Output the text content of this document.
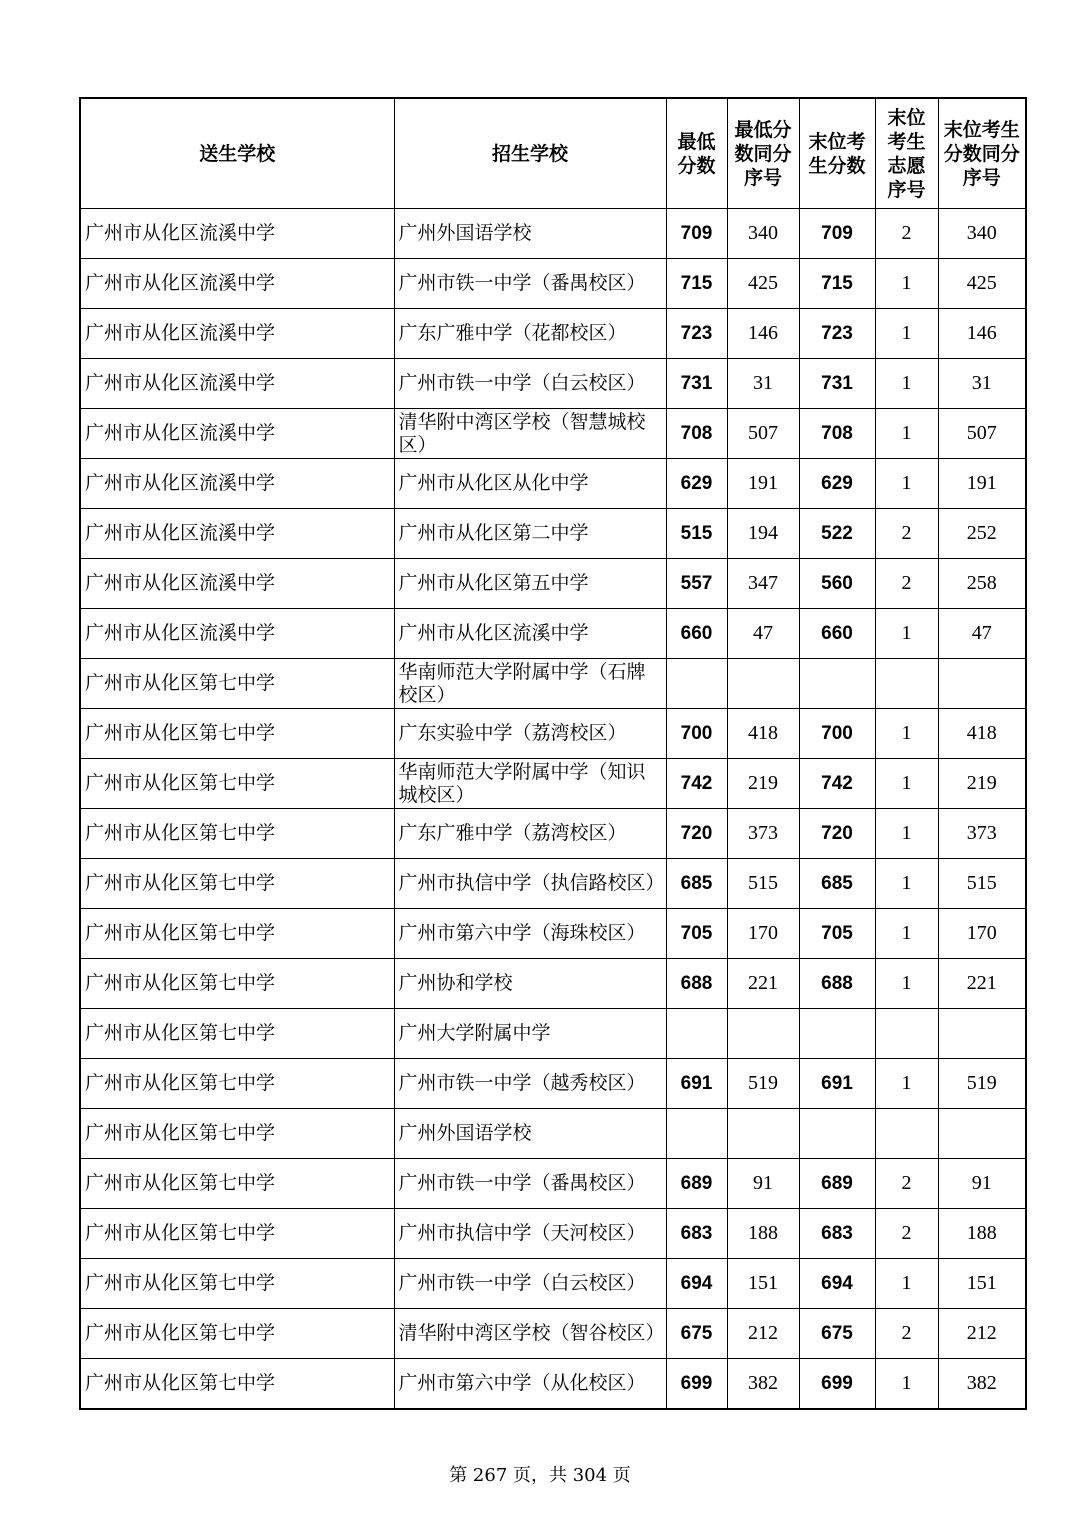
送生学校	招生学校	最低分数	最低分数同分序号	末位考生分数	末位考生志愿序号	末位考生分数同分序号
广州市从化区流溪中学	广州外国语学校	709	340	709	2	340
广州市从化区流溪中学	广州市铁一中学（番禺校区）	715	425	715	1	425
广州市从化区流溪中学	广东广雅中学（花都校区）	723	146	723	1	146
广州市从化区流溪中学	广州市铁一中学（白云校区）	731	31	731	1	31
广州市从化区流溪中学	清华附中湾区学校（智慧城校区）	708	507	708	1	507
广州市从化区流溪中学	广州市从化区从化中学	629	191	629	1	191
广州市从化区流溪中学	广州市从化区第二中学	515	194	522	2	252
广州市从化区流溪中学	广州市从化区第五中学	557	347	560	2	258
广州市从化区流溪中学	广州市从化区流溪中学	660	47	660	1	47
广州市从化区第七中学	华南师范大学附属中学（石牌校区）					
广州市从化区第七中学	广东实验中学（荔湾校区）	700	418	700	1	418
广州市从化区第七中学	华南师范大学附属中学（知识城校区）	742	219	742	1	219
广州市从化区第七中学	广东广雅中学（荔湾校区）	720	373	720	1	373
广州市从化区第七中学	广州市执信中学（执信路校区）	685	515	685	1	515
广州市从化区第七中学	广州市第六中学（海珠校区）	705	170	705	1	170
广州市从化区第七中学	广州协和学校	688	221	688	1	221
广州市从化区第七中学	广州大学附属中学					
广州市从化区第七中学	广州市铁一中学（越秀校区）	691	519	691	1	519
广州市从化区第七中学	广州外国语学校					
广州市从化区第七中学	广州市铁一中学（番禺校区）	689	91	689	2	91
广州市从化区第七中学	广州市执信中学（天河校区）	683	188	683	2	188
广州市从化区第七中学	广州市铁一中学（白云校区）	694	151	694	1	151
广州市从化区第七中学	清华附中湾区学校（智谷校区）	675	212	675	2	212
广州市从化区第七中学	广州市第六中学（从化校区）	699	382	699	1	382
第 267 页，共 304 页
